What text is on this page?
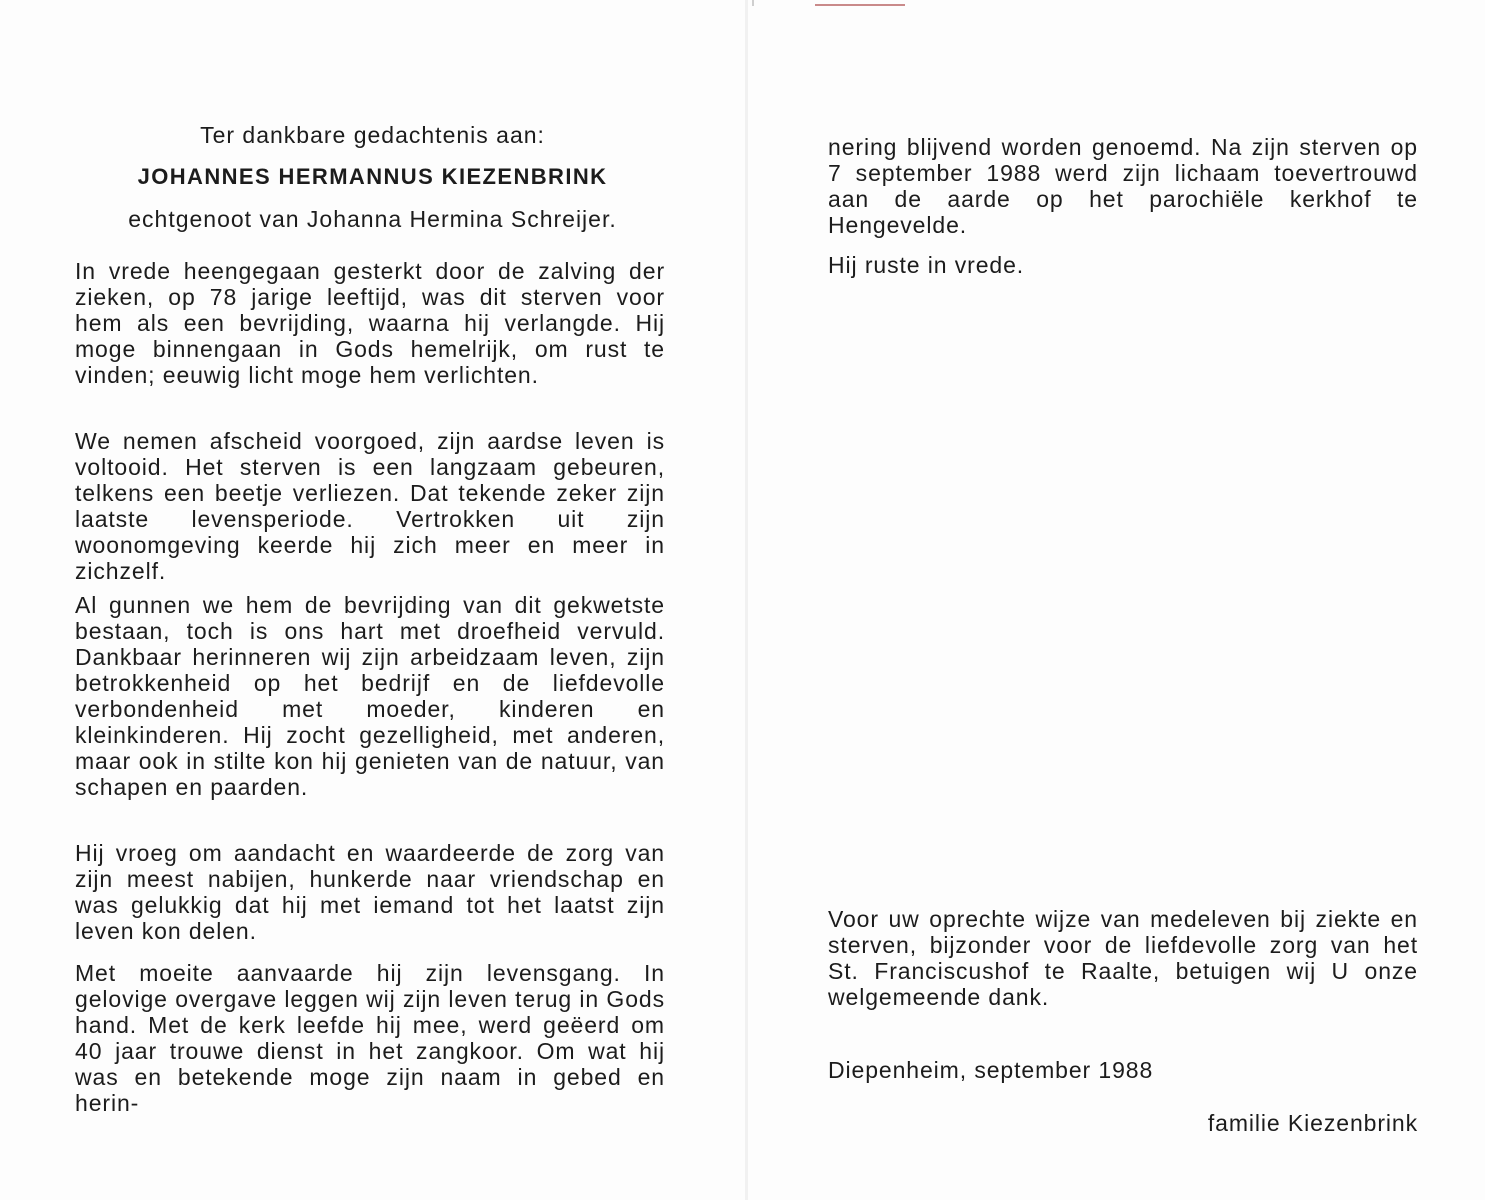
Ter dankbare gedachtenis aan:

JOHANNES HERMANNUS KIEZENBRINK

echtgenoot van Johanna Hermina Schreijer.

In vrede heengegaan gesterkt door de zalving der zieken, op 78 jarige leeftijd, was dit sterven voor hem als een bevrijding, waarna hij verlangde. Hij moge binnengaan in Gods hemelrijk, om rust te vinden; eeuwig licht moge hem verlichten.

We nemen afscheid voorgoed, zijn aardse leven is voltooid. Het sterven is een langzaam gebeuren, telkens een beetje verliezen. Dat tekende zeker zijn laatste levensperiode. Vertrokken uit zijn woonomgeving keerde hij zich meer en meer in zichzelf.

Al gunnen we hem de bevrijding van dit gekwetste bestaan, toch is ons hart met droefheid vervuld. Dankbaar herinneren wij zijn arbeidzaam leven, zijn betrokkenheid op het bedrijf en de liefdevolle verbondenheid met moeder, kinderen en kleinkinderen. Hij zocht gezelligheid, met anderen, maar ook in stilte kon hij genieten van de natuur, van schapen en paarden.

Hij vroeg om aandacht en waardeerde de zorg van zijn meest nabijen, hunkerde naar vriendschap en was gelukkig dat hij met iemand tot het laatst zijn leven kon delen.

Met moeite aanvaarde hij zijn levensgang. In gelovige overgave leggen wij zijn leven terug in Gods hand. Met de kerk leefde hij mee, werd geëerd om 40 jaar trouwe dienst in het zangkoor. Om wat hij was en betekende moge zijn naam in gebed en herin-

nering blijvend worden genoemd. Na zijn sterven op 7 september 1988 werd zijn lichaam toevertrouwd aan de aarde op het parochiële kerkhof te Hengevelde.

Hij ruste in vrede.

Voor uw oprechte wijze van medeleven bij ziekte en sterven, bijzonder voor de liefdevolle zorg van het St. Franciscushof te Raalte, betuigen wij U onze welgemeende dank.

Diepenheim, september 1988

familie Kiezenbrink
